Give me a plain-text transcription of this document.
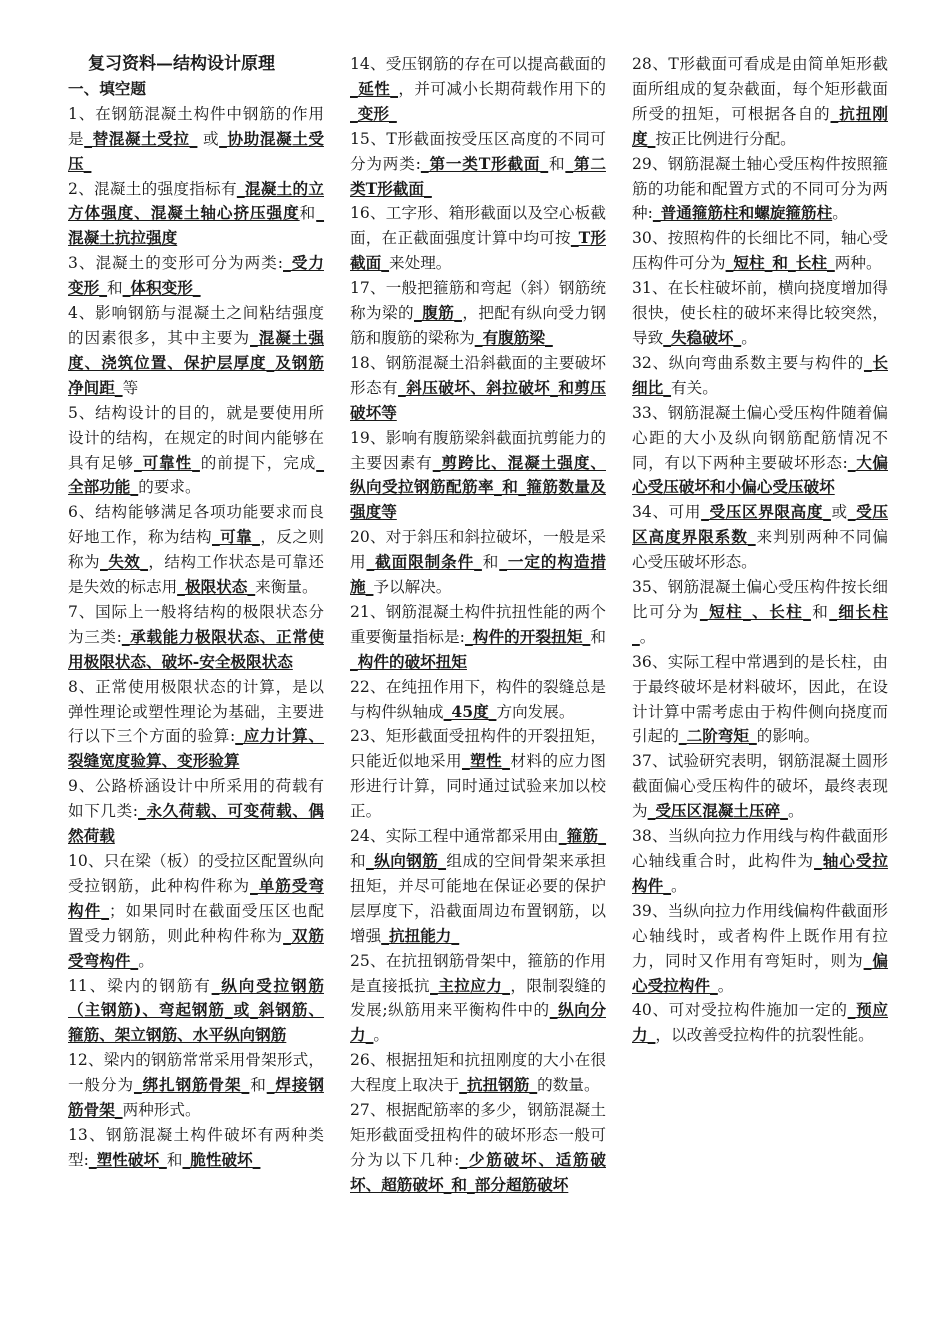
复习资料—结构设计原理
一、填空题
1、在钢筋混凝土构件中钢筋的作用是_替混凝土受拉_ 或_协助混凝土受压_
2、混凝土的强度指标有_混凝土的立方体强度、混凝土轴心挤压强度和_混凝土抗拉强度
3、混凝土的变形可分为两类:_受力变形_和_体积变形_
4、影响钢筋与混凝土之间粘结强度的因素很多，其中主要为_混凝土强度、浇筑位置、保护层厚度_及钢筋净间距_等
5、结构设计的目的，就是要使用所设计的结构，在规定的时间内能够在具有足够_可靠性_的前提下，完成_全部功能_的要求。
6、结构能够满足各项功能要求而良好地工作，称为结构_可靠_，反之则称为_失效_，结构工作状态是可靠还是失效的标志用_极限状态_来衡量。
7、国际上一般将结构的极限状态分为三类:_承载能力极限状态、正常使用极限状态、破坏-安全极限状态
8、正常使用极限状态的计算，是以弹性理论或塑性理论为基础，主要进行以下三个方面的验算:_应力计算、裂缝宽度验算、变形验算
9、公路桥涵设计中所采用的荷载有如下几类:_永久荷载、可变荷载、偶然荷载
10、只在梁（板）的受拉区配置纵向受拉钢筋，此种构件称为_单筋受弯构件_；如果同时在截面受压区也配置受力钢筋，则此种构件称为_双筋受弯构件_。
11、梁内的钢筋有_纵向受拉钢筋（主钢筋)、弯起钢筋_或_斜钢筋、箍筋、架立钢筋、水平纵向钢筋
12、梁内的钢筋常常采用骨架形式，一般分为_绑扎钢筋骨架_和_焊接钢筋骨架_两种形式。
13、钢筋混凝土构件破坏有两种类型:_塑性破坏_和_脆性破坏_
14、受压钢筋的存在可以提高截面的_延性_，并可减小长期荷载作用下的_变形_
15、T形截面按受压区高度的不同可分为两类:_第一类T形截面_和_第二类T形截面_
16、工字形、箱形截面以及空心板截面，在正截面强度计算中均可按_T形截面_来处理。
17、一般把箍筋和弯起（斜）钢筋统称为梁的_腹筋_，把配有纵向受力钢筋和腹筋的梁称为_有腹筋梁_
18、钢筋混凝土沿斜截面的主要破坏形态有_斜压破坏、斜拉破坏_和剪压破坏等
19、影响有腹筋梁斜截面抗剪能力的主要因素有_剪跨比、混凝土强度、纵向受拉钢筋配筋率_和_箍筋数量及强度等
20、对于斜压和斜拉破坏，一般是采用_截面限制条件_和_一定的构造措施_予以解决。
21、钢筋混凝土构件抗扭性能的两个重要衡量指标是:_构件的开裂扭矩_和_构件的破坏扭矩
22、在纯扭作用下，构件的裂缝总是与构件纵轴成_45度_方向发展。
23、矩形截面受扭构件的开裂扭矩，只能近似地采用_塑性_材料的应力图形进行计算，同时通过试验来加以校正。
24、实际工程中通常都采用由_箍筋_和_纵向钢筋_组成的空间骨架来承担扭矩，并尽可能地在保证必要的保护层厚度下，沿截面周边布置钢筋，以增强_抗扭能力_
25、在抗扭钢筋骨架中，箍筋的作用是直接抵抗_主拉应力_，限制裂缝的发展;纵筋用来平衡构件中的_纵向分力_。
26、根据扭矩和抗扭刚度的大小在很大程度上取决于_抗扭钢筋_的数量。
27、根据配筋率的多少，钢筋混凝土矩形截面受扭构件的破坏形态一般可分为以下几种:_少筋破坏、适筋破坏、超筋破坏_和_部分超筋破坏
28、T形截面可看成是由简单矩形截面所组成的复杂截面，每个矩形截面所受的扭矩，可根据各自的_抗扭刚度_按正比例进行分配。
29、钢筋混凝土轴心受压构件按照箍筋的功能和配置方式的不同可分为两种:_普通箍筋柱和螺旋箍筋柱。
30、按照构件的长细比不同，轴心受压构件可分为_短柱_和_长柱_两种。
31、在长柱破坏前，横向挠度增加得很快，使长柱的破坏来得比较突然，导致_失稳破坏_。
32、纵向弯曲系数主要与构件的_长细比_有关。
33、钢筋混凝土偏心受压构件随着偏心距的大小及纵向钢筋配筋情况不同，有以下两种主要破坏形态:_大偏心受压破坏和小偏心受压破坏
34、可用_受压区界限高度_或_受压区高度界限系数_来判别两种不同偏心受压破坏形态。
35、钢筋混凝土偏心受压构件按长细比可分为_短柱_、长柱_和_细长柱_。
36、实际工程中常遇到的是长柱，由于最终破坏是材料破坏，因此，在设计计算中需考虑由于构件侧向挠度而引起的_二阶弯矩_的影响。
37、试验研究表明，钢筋混凝土圆形截面偏心受压构件的破坏，最终表现为_受压区混凝土压碎_。
38、当纵向拉力作用线与构件截面形心轴线重合时，此构件为_轴心受拉构件_。
39、当纵向拉力作用线偏构件截面形心轴线时，或者构件上既作用有拉力，同时又作用有弯矩时，则为_偏心受拉构件_。
40、可对受拉构件施加一定的_预应力_，以改善受拉构件的抗裂性能。
